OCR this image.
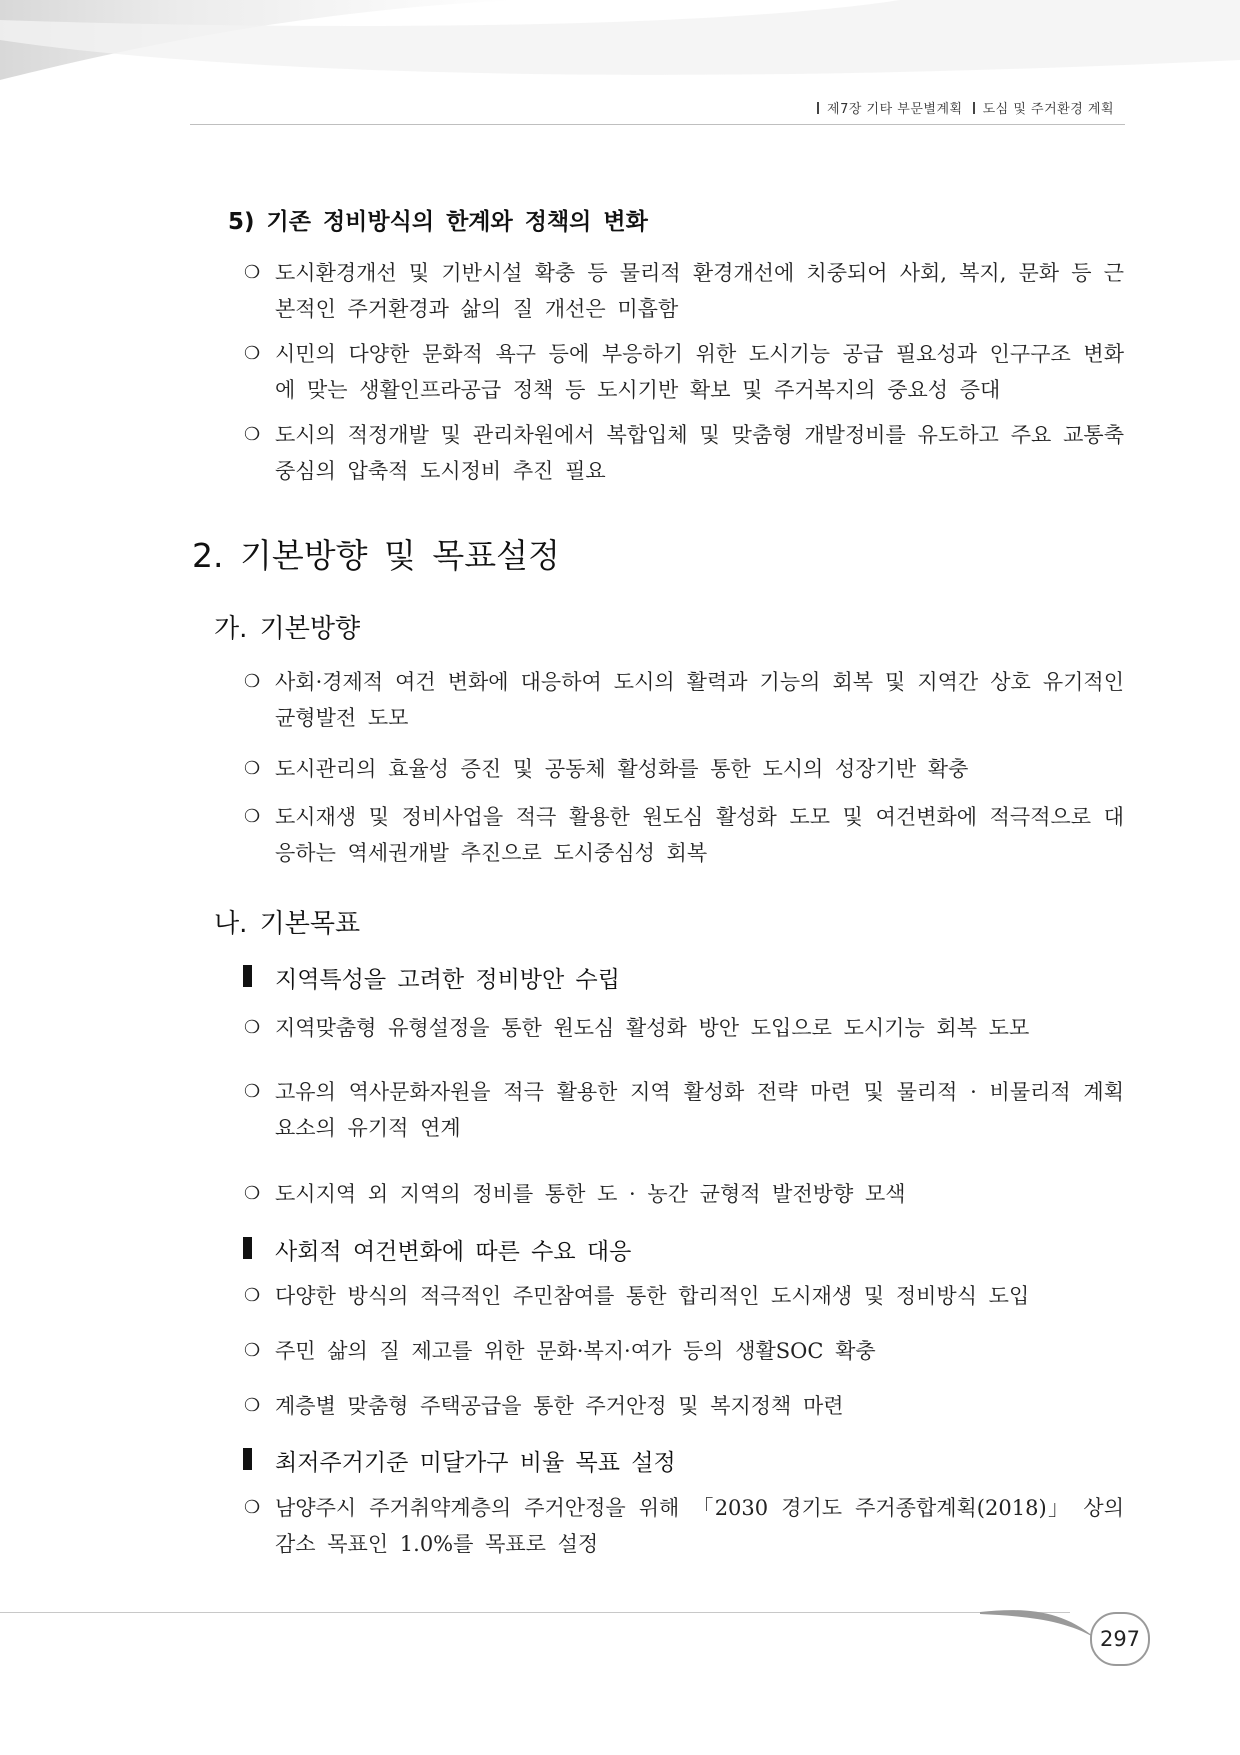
제7장 기타 부문별계획 도심 및 주거환경 계획
5) 기존 정비방식의 한계와 정책의 변화
❍ 도시환경개선 및 기반시설 확충 등 물리적 환경개선에 치중되어 사회, 복지, 문화 등 근본적인 주거환경과 삶의 질 개선은 미흡함
❍ 시민의 다양한 문화적 욕구 등에 부응하기 위한 도시기능 공급 필요성과 인구구조 변화에 맞는 생활인프라공급 정책 등 도시기반 확보 및 주거복지의 중요성 증대
❍ 도시의 적정개발 및 관리차원에서 복합입체 및 맞춤형 개발정비를 유도하고 주요 교통축 중심의 압축적 도시정비 추진 필요
2. 기본방향 및 목표설정
가. 기본방향
❍ 사회·경제적 여건 변화에 대응하여 도시의 활력과 기능의 회복 및 지역간 상호 유기적인 균형발전 도모
❍ 도시관리의 효율성 증진 및 공동체 활성화를 통한 도시의 성장기반 확충
❍ 도시재생 및 정비사업을 적극 활용한 원도심 활성화 도모 및 여건변화에 적극적으로 대응하는 역세권개발 추진으로 도시중심성 회복
나. 기본목표
지역특성을 고려한 정비방안 수립
❍ 지역맞춤형 유형설정을 통한 원도심 활성화 방안 도입으로 도시기능 회복 도모
❍ 고유의 역사문화자원을 적극 활용한 지역 활성화 전략 마련 및 물리적 · 비물리적 계획 요소의 유기적 연계
❍ 도시지역 외 지역의 정비를 통한 도 · 농간 균형적 발전방향 모색
사회적 여건변화에 따른 수요 대응
❍ 다양한 방식의 적극적인 주민참여를 통한 합리적인 도시재생 및 정비방식 도입
❍ 주민 삶의 질 제고를 위한 문화·복지·여가 등의 생활SOC 확충
❍ 계층별 맞춤형 주택공급을 통한 주거안정 및 복지정책 마련
최저주거기준 미달가구 비율 목표 설정
❍ 남양주시 주거취약계층의 주거안정을 위해 「2030 경기도 주거종합계획(2018)」 상의 감소 목표인 1.0%를 목표로 설정
297
